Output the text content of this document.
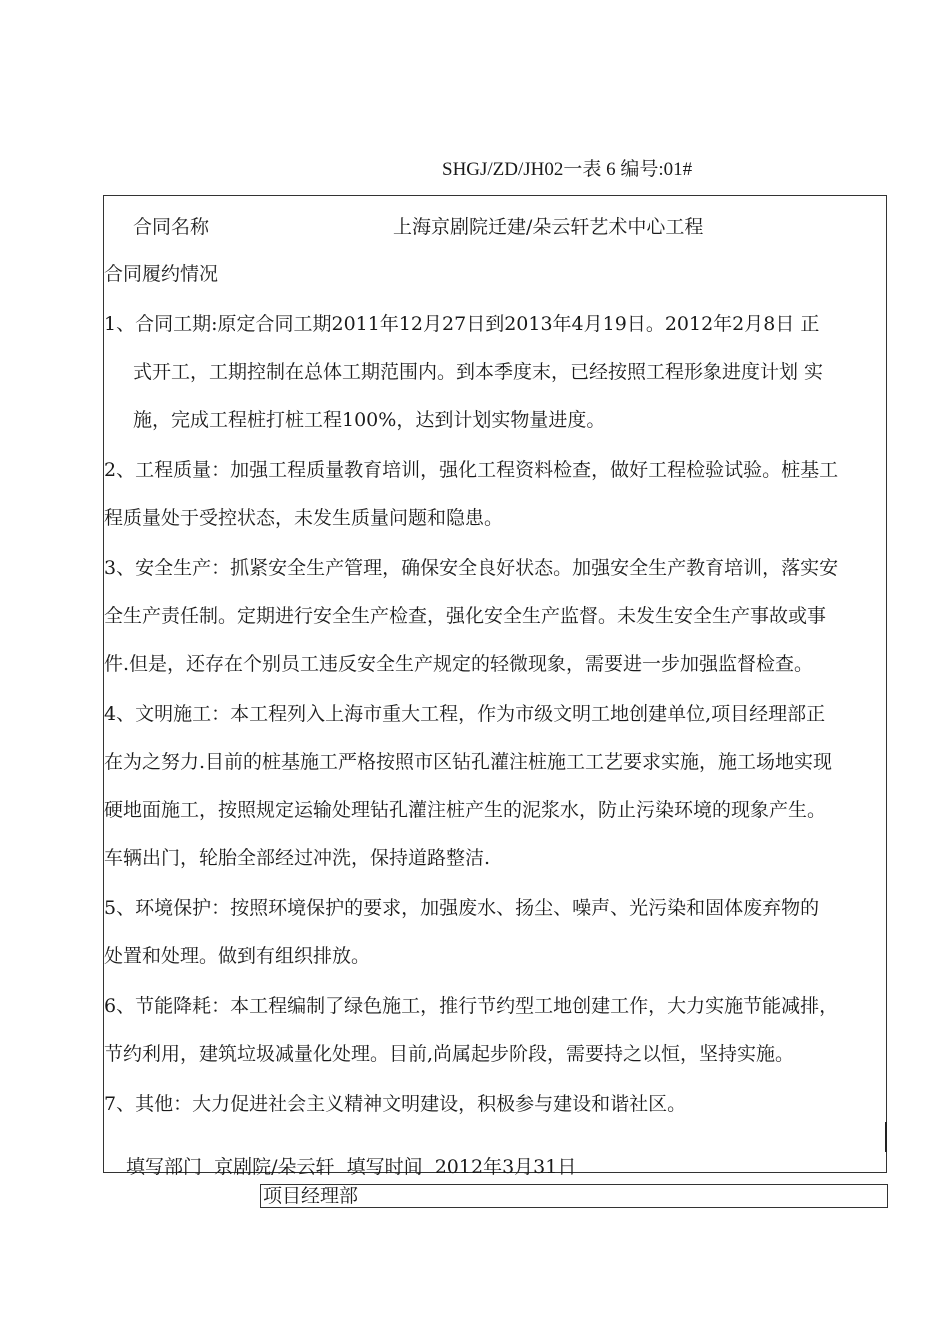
SHGJ/ZD/JH02一表 6 编号:01#
合同名称	上海京剧院迁建/朵云轩艺术中心工程
合同履约情况
1、合同工期:原定合同工期2011年12月27日到2013年4月19日。2012年2月8日 正
式开工，工期控制在总体工期范围内。到本季度末，已经按照工程形象进度计划 实
施，完成工程桩打桩工程100%，达到计划实物量进度。
2、工程质量：加强工程质量教育培训，强化工程资料检查，做好工程检验试验。桩基工
程质量处于受控状态，未发生质量问题和隐患。
3、安全生产：抓紧安全生产管理，确保安全良好状态。加强安全生产教育培训，落实安
全生产责任制。定期进行安全生产检查，强化安全生产监督。未发生安全生产事故或事
件.但是，还存在个别员工违反安全生产规定的轻微现象，需要进一步加强监督检查。
4、文明施工：本工程列入上海市重大工程，作为市级文明工地创建单位,项目经理部正
在为之努力.目前的桩基施工严格按照市区钻孔灌注桩施工工艺要求实施，施工场地实现
硬地面施工，按照规定运输处理钻孔灌注桩产生的泥浆水，防止污染环境的现象产生。
车辆出门，轮胎全部经过冲洗，保持道路整洁.
5、环境保护：按照环境保护的要求，加强废水、扬尘、噪声、光污染和固体废弃物的
处置和处理。做到有组织排放。
6、节能降耗：本工程编制了绿色施工，推行节约型工地创建工作，大力实施节能减排，
节约利用，建筑垃圾减量化处理。目前,尚属起步阶段，需要持之以恒，坚持实施。
7、其他：大力促进社会主义精神文明建设，积极参与建设和谐社区。
填写部门 京剧院/朵云轩 填写时间 2012年3月31日
项目经理部
